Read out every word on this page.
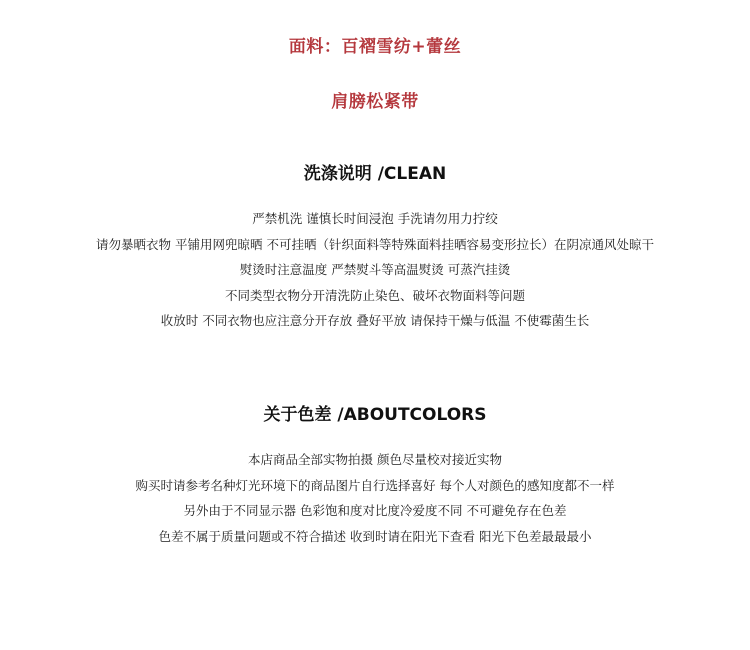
面料：百褶雪纺+蕾丝
肩膀松紧带
洗涤说明 /CLEAN
严禁机洗 谨慎长时间浸泡 手洗请勿用力拧绞
请勿暴晒衣物 平铺用网兜晾晒 不可挂晒（针织面料等特殊面料挂晒容易变形拉长）在阴凉通风处晾干
熨烫时注意温度 严禁熨斗等高温熨烫 可蒸汽挂烫
不同类型衣物分开清洗防止染色、破坏衣物面料等问题
收放时 不同衣物也应注意分开存放 叠好平放 请保持干燥与低温 不使霉菌生长
关于色差 /ABOUTCOLORS
本店商品全部实物拍摄 颜色尽量校对接近实物
购买时请参考名种灯光环境下的商品图片自行选择喜好 每个人对颜色的感知度都不一样
另外由于不同显示器 色彩饱和度对比度冷爱度不同 不可避免存在色差
色差不属于质量问题或不符合描述 收到时请在阳光下查看 阳光下色差最最最小
